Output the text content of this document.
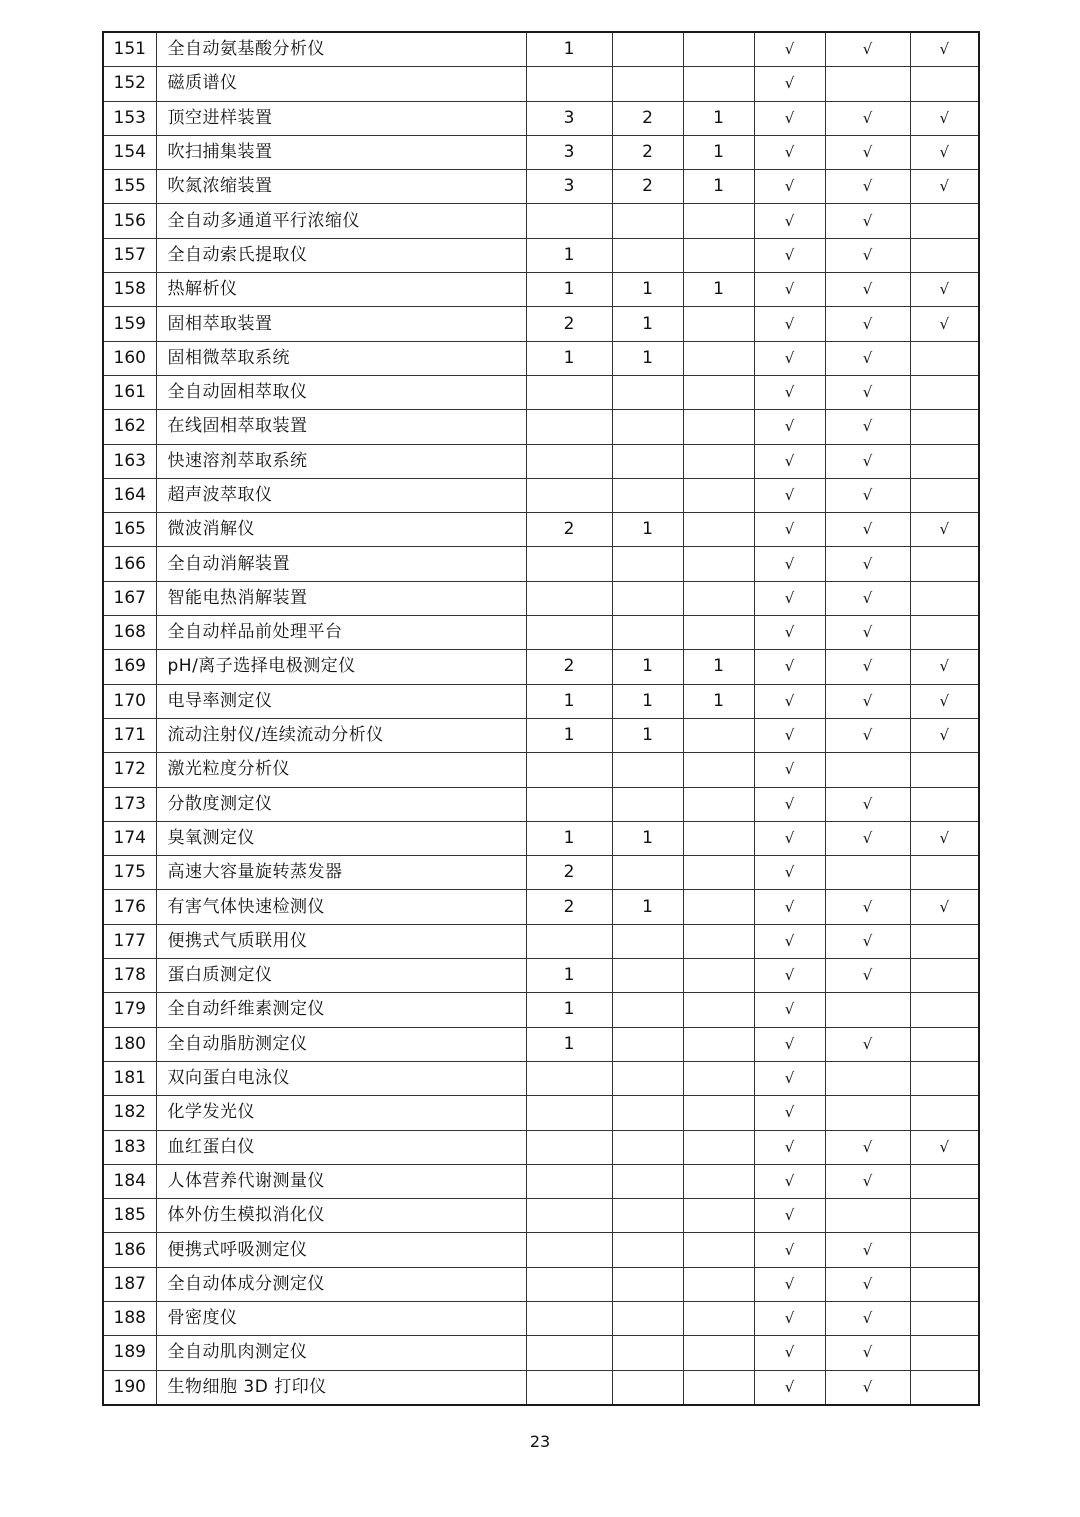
151	全自动氨基酸分析仪	1			√	√	√
152	磁质谱仪				√		
153	顶空进样装置	3	2	1	√	√	√
154	吹扫捕集装置	3	2	1	√	√	√
155	吹氮浓缩装置	3	2	1	√	√	√
156	全自动多通道平行浓缩仪				√	√	
157	全自动索氏提取仪	1			√	√	
158	热解析仪	1	1	1	√	√	√
159	固相萃取装置	2	1		√	√	√
160	固相微萃取系统	1	1		√	√	
161	全自动固相萃取仪				√	√	
162	在线固相萃取装置				√	√	
163	快速溶剂萃取系统				√	√	
164	超声波萃取仪				√	√	
165	微波消解仪	2	1		√	√	√
166	全自动消解装置				√	√	
167	智能电热消解装置				√	√	
168	全自动样品前处理平台				√	√	
169	pH/离子选择电极测定仪	2	1	1	√	√	√
170	电导率测定仪	1	1	1	√	√	√
171	流动注射仪/连续流动分析仪	1	1		√	√	√
172	激光粒度分析仪				√		
173	分散度测定仪				√	√	
174	臭氧测定仪	1	1		√	√	√
175	高速大容量旋转蒸发器	2			√		
176	有害气体快速检测仪	2	1		√	√	√
177	便携式气质联用仪				√	√	
178	蛋白质测定仪	1			√	√	
179	全自动纤维素测定仪	1			√		
180	全自动脂肪测定仪	1			√	√	
181	双向蛋白电泳仪				√		
182	化学发光仪				√		
183	血红蛋白仪				√	√	√
184	人体营养代谢测量仪				√	√	
185	体外仿生模拟消化仪				√		
186	便携式呼吸测定仪				√	√	
187	全自动体成分测定仪				√	√	
188	骨密度仪				√	√	
189	全自动肌肉测定仪				√	√	
190	生物细胞 3D 打印仪				√	√	
23
